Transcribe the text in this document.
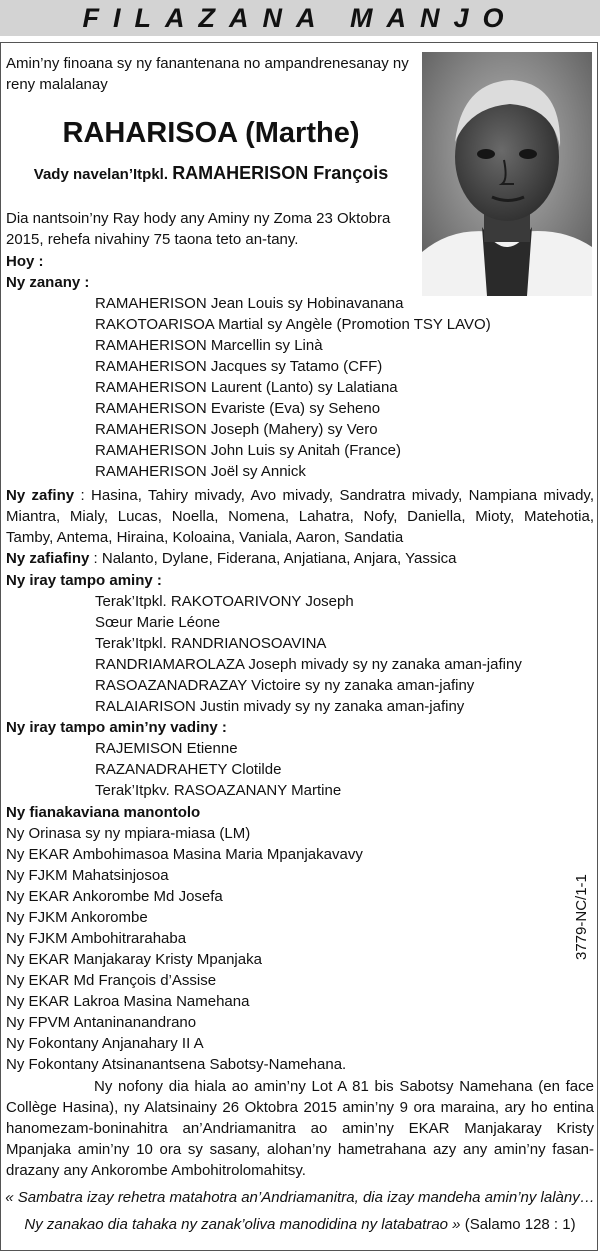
FILAZANA MANJO
Amin’ny finoana sy ny fanantenana no ampandrenesanay ny reny malalanay
RAHARISOA (Marthe)
Vady navelan’Itpkl. RAMAHERISON François
Dia nantsoin’ny Ray hody any Aminy ny Zoma 23 Oktobra 2015, rehefa nivahiny 75 taona teto an-tany.
Hoy :
Ny zanany :
RAMAHERISON Jean Louis sy Hobinavanana
RAKOTOARISOA Martial sy Angèle (Promotion TSY LAVO)
RAMAHERISON Marcellin sy Linà
RAMAHERISON Jacques sy Tatamo (CFF)
RAMAHERISON Laurent (Lanto) sy Lalatiana
RAMAHERISON Evariste (Eva) sy Seheno
RAMAHERISON Joseph (Mahery) sy Vero
RAMAHERISON John Luis sy Anitah (France)
RAMAHERISON Joël sy Annick
Ny zafiny : Hasina, Tahiry mivady, Avo mivady, Sandratra mivady, Nampiana mivady, Miantra, Mialy, Lucas, Noella, Nomena, Lahatra, Nofy, Daniella, Mioty, Matehotia, Tamby, Antema, Hiraina, Koloaina, Vaniala, Aaron, Sandatia
Ny zafiafiny : Nalanto, Dylane, Fiderana, Anjatiana, Anjara, Yassica
Ny iray tampo aminy :
Terak’Itpkl. RAKOTOARIVONY Joseph
Sœur Marie Léone
Terak’Itpkl. RANDRIANOSOAVINA
RANDRIAMAROLAZA Joseph mivady sy ny zanaka aman-jafiny
RASOAZANADRAZAY Victoire sy ny zanaka aman-jafiny
RALAIARISON Justin mivady sy ny zanaka aman-jafiny
Ny iray tampo amin’ny vadiny :
RAJEMISON Etienne
RAZANADRAHETY Clotilde
Terak’Itpkv. RASOAZANANY Martine
Ny fianakaviana manontolo
Ny Orinasa sy ny mpiara-miasa (LM)
Ny EKAR Ambohimasoa Masina Maria Mpanjakavavy
Ny FJKM Mahatsinjosoa
Ny EKAR Ankorombe Md Josefa
Ny FJKM Ankorombe
Ny FJKM Ambohitrarahaba
Ny EKAR Manjakaray Kristy Mpanjaka
Ny EKAR Md François d’Assise
Ny EKAR Lakroa Masina Namehana
Ny FPVM Antaninanandrano
Ny Fokontany Anjanahary II A
Ny Fokontany Atsinanantsena Sabotsy-Namehana.
3779-NC/1-1
Ny nofony dia hiala ao amin’ny Lot A 81 bis Sabotsy Namehana (en face Collège Hasina), ny Alatsinainy 26 Oktobra 2015 amin’ny 9 ora maraina, ary ho entina hanomezam-boninahitra an’Andriamanitra ao amin’ny EKAR Manjakaray Kristy Mpanjaka amin’ny 10 ora sy sasany, alohan’ny hametrahana azy any amin’ny fasan-drazany any Ankorombe Ambohitrolomahitsy.
« Sambatra izay rehetra matahotra an’Andriamanitra, dia izay mandeha amin’ny lalàny…
Ny zanakao dia tahaka ny zanak’oliva manodidina ny latabatrao » (Salamo 128 : 1)
